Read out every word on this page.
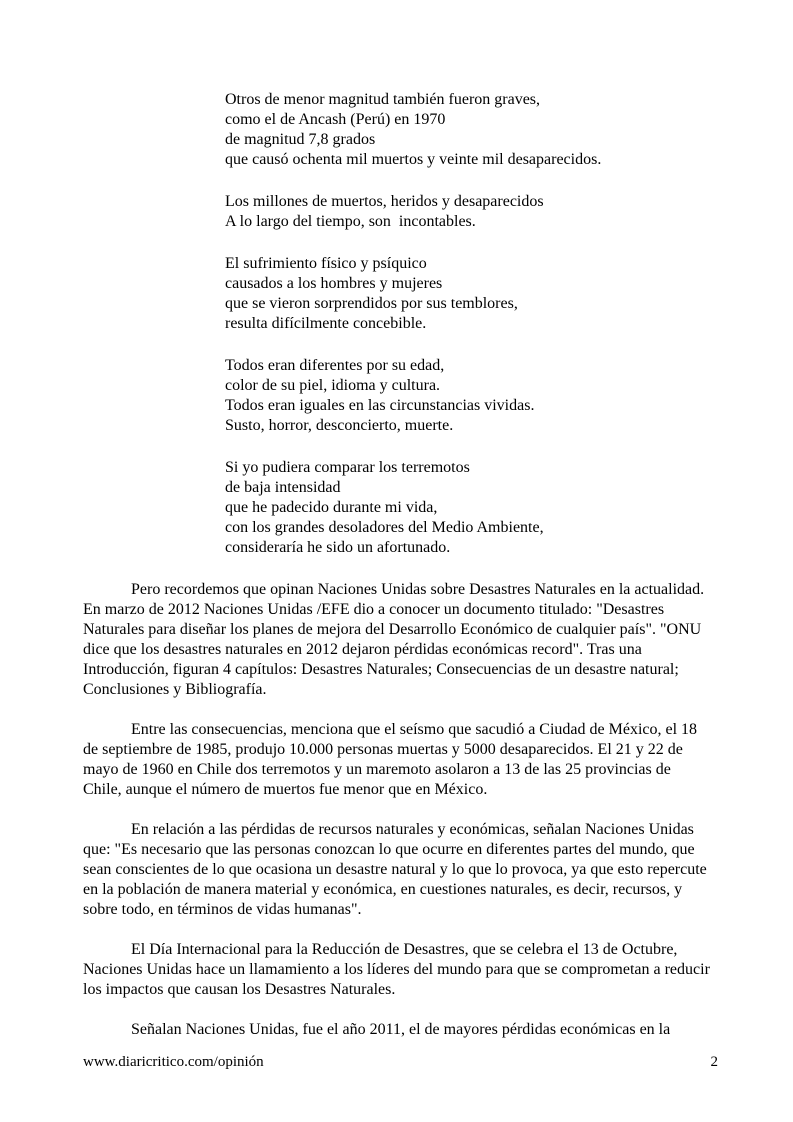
Otros de menor magnitud también fueron graves,
como el de Ancash (Perú) en 1970
de magnitud 7,8 grados
que causó ochenta mil muertos y veinte mil desaparecidos.

Los millones de muertos, heridos y desaparecidos
A lo largo del tiempo, son  incontables.

El sufrimiento físico y psíquico
causados a los hombres y mujeres
que se vieron sorprendidos por sus temblores,
resulta difícilmente concebible.

Todos eran diferentes por su edad,
color de su piel, idioma y cultura.
Todos eran iguales en las circunstancias vividas.
Susto, horror, desconcierto, muerte.

Si yo pudiera comparar los terremotos
de baja intensidad
que he padecido durante mi vida,
con los grandes desoladores del Medio Ambiente,
consideraría he sido un afortunado.

Pero recordemos que opinan Naciones Unidas sobre Desastres Naturales en la actualidad. En marzo de 2012 Naciones Unidas /EFE dio a conocer un documento titulado: "Desastres Naturales para diseñar los planes de mejora del Desarrollo Económico de cualquier país". "ONU dice que los desastres naturales en 2012 dejaron pérdidas económicas record". Tras una Introducción, figuran 4 capítulos: Desastres Naturales; Consecuencias de un desastre natural; Conclusiones y Bibliografía.

Entre las consecuencias, menciona que el seísmo que sacudió a Ciudad de México, el 18 de septiembre de 1985, produjo 10.000 personas muertas y 5000 desaparecidos. El 21 y 22 de mayo de 1960 en Chile dos terremotos y un maremoto asolaron a 13 de las 25 provincias de Chile, aunque el número de muertos fue menor que en México.

En relación a las pérdidas de recursos naturales y económicas, señalan Naciones Unidas que: "Es necesario que las personas conozcan lo que ocurre en diferentes partes del mundo, que sean conscientes de lo que ocasiona un desastre natural y lo que lo provoca, ya que esto repercute en la población de manera material y económica, en cuestiones naturales, es decir, recursos, y sobre todo, en términos de vidas humanas".

El Día Internacional para la Reducción de Desastres, que se celebra el 13 de Octubre, Naciones Unidas hace un llamamiento a los líderes del mundo para que se comprometan a reducir los impactos que causan los Desastres Naturales.

Señalan Naciones Unidas, fue el año 2011, el de mayores pérdidas económicas en la

www.diaricritico.com/opinión	2
